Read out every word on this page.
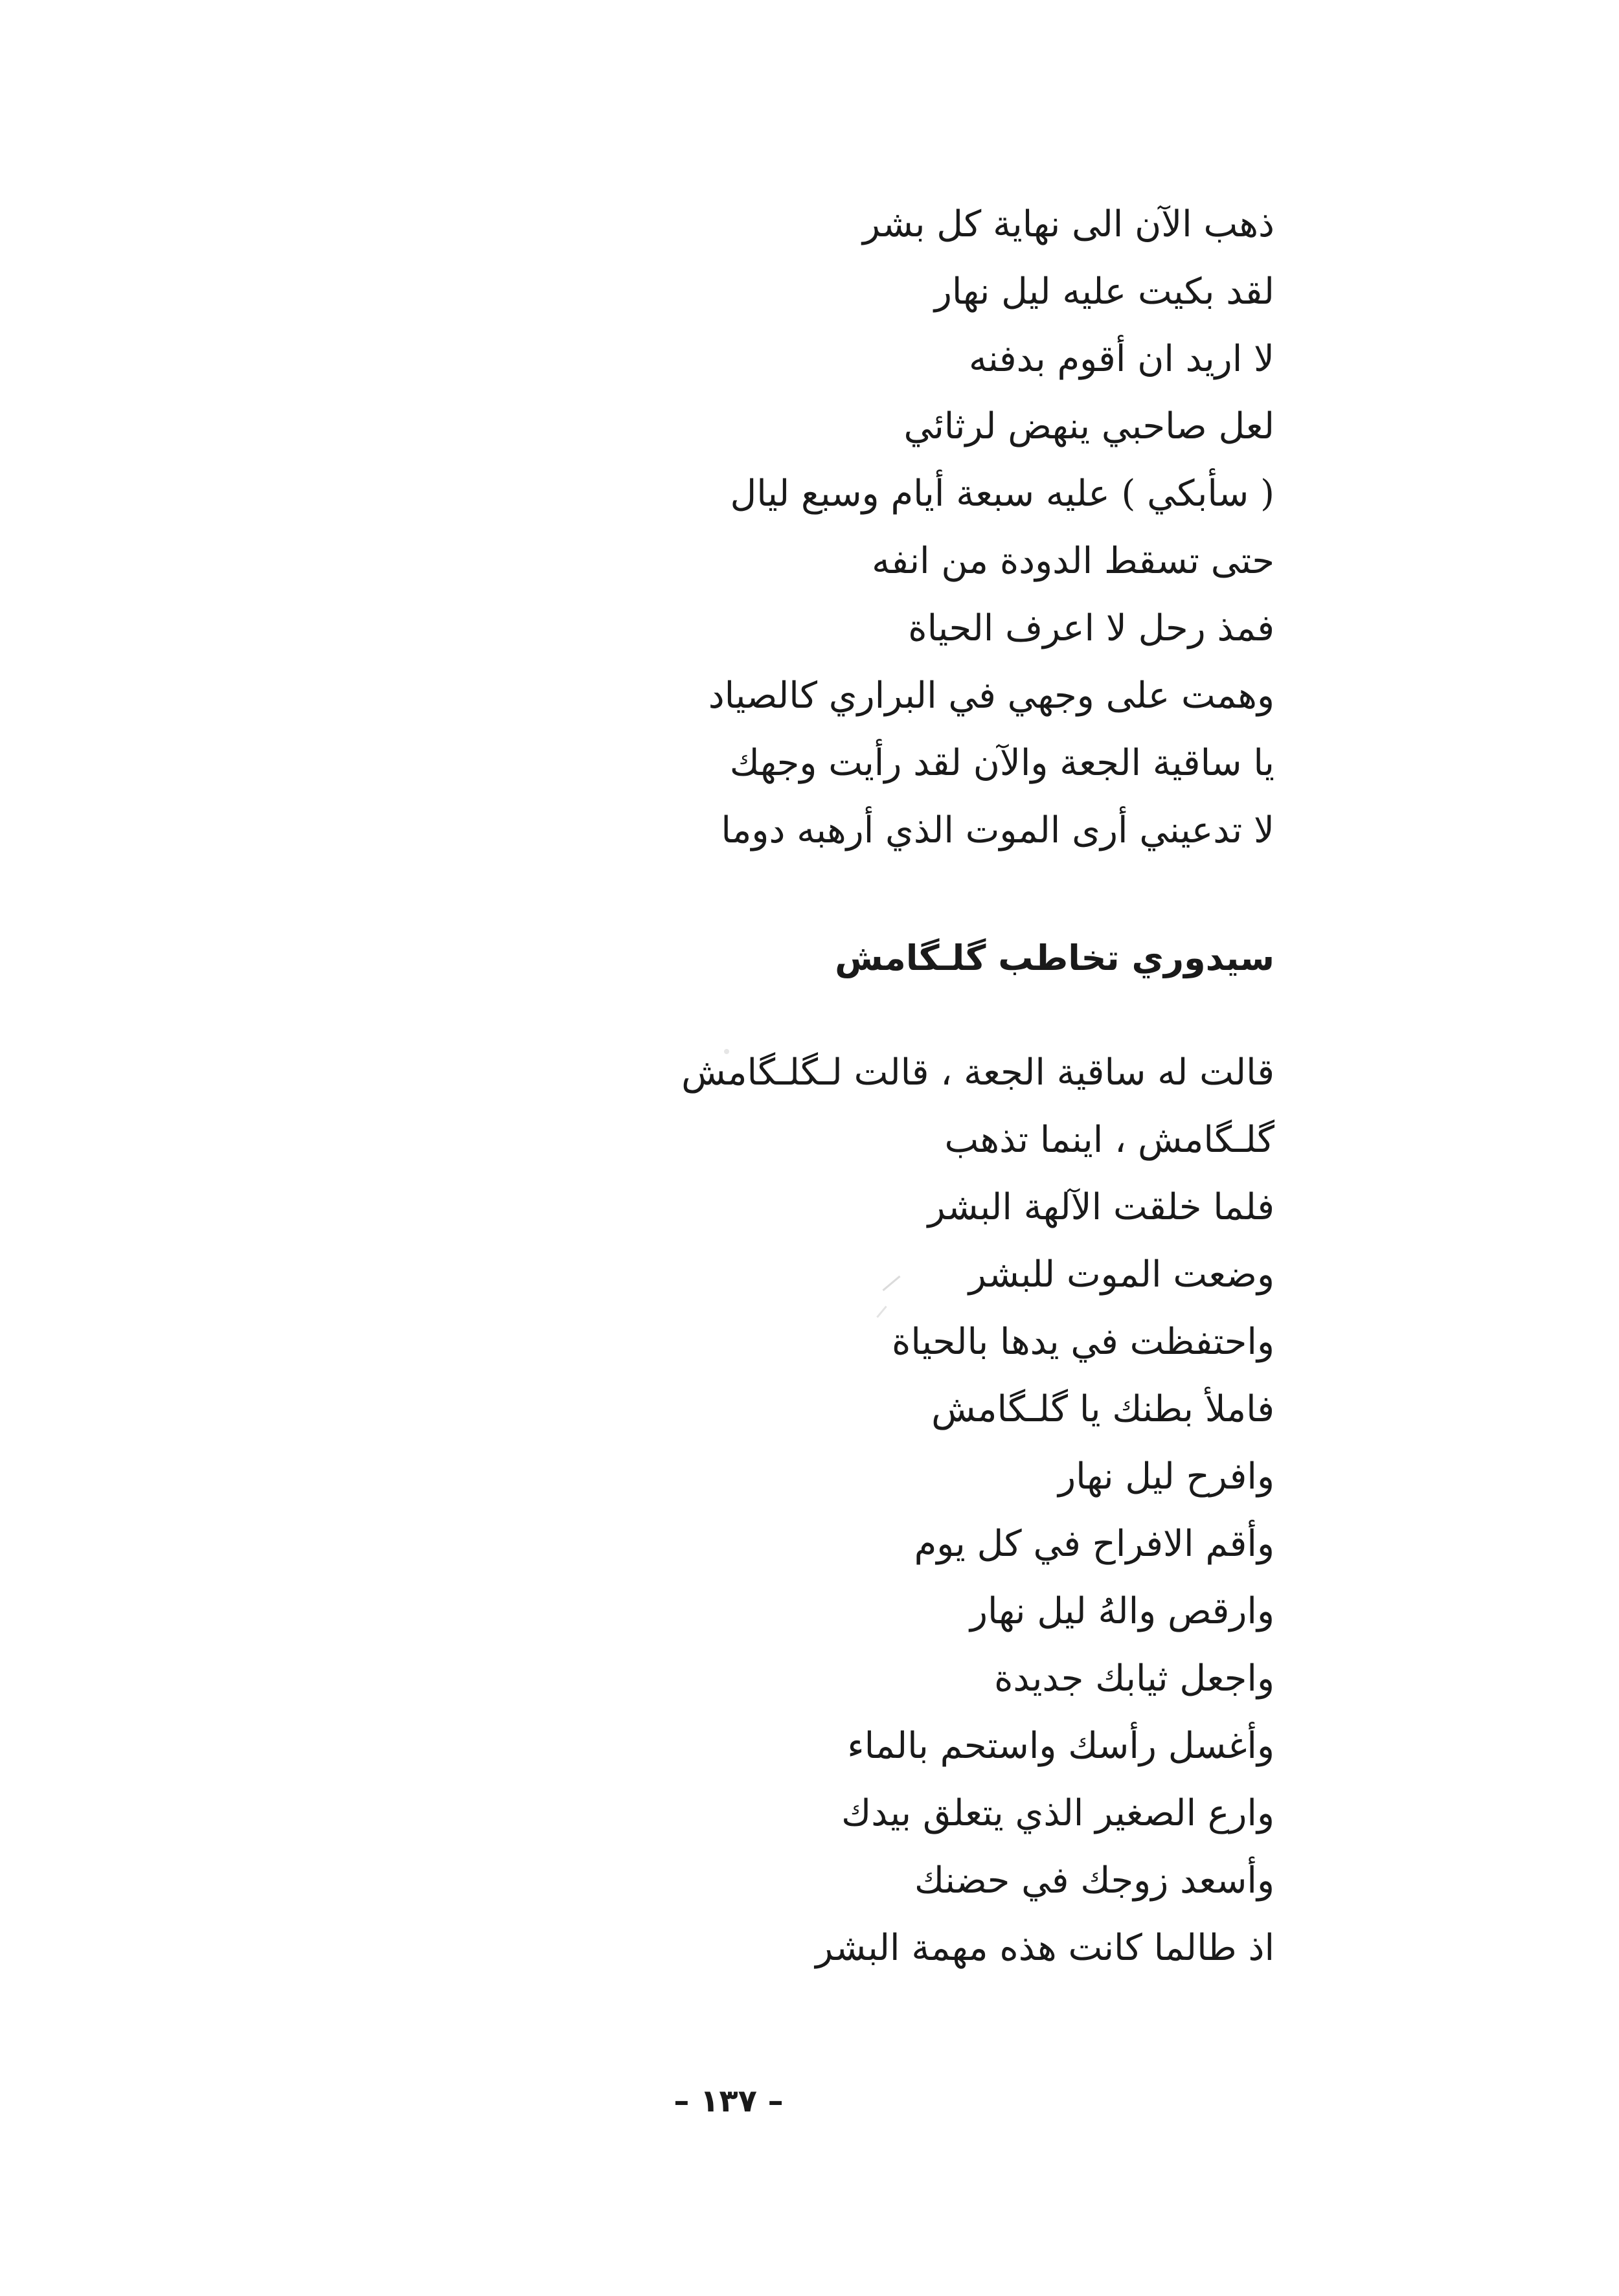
ذهب الآن الى نهاية كل بشر
لقد بكيت عليه ليل نهار
لا اريد ان أقوم بدفنه
لعل صاحبي ينهض لرثائي
( سأبكي ) عليه سبعة أيام وسبع ليال
حتى تسقط الدودة من انفه
فمذ رحل لا اعرف الحياة
وهمت على وجهي في البراري كالصياد
يا ساقية الجعة والآن لقد رأيت وجهك
لا تدعيني أرى الموت الذي أرهبه دوما
سيدوري تخاطب گلـگامش
قالت له ساقية الجعة ، قالت لـگلـگامش
گلـگامش ، اينما تذهب
فلما خلقت الآلهة البشر
وضعت الموت للبشر
واحتفظت في يدها بالحياة
فاملأ بطنك يا گلـگامش
وافرح ليل نهار
وأقم الافراح في كل يوم
وارقص والهُ ليل نهار
واجعل ثيابك جديدة
وأغسل رأسك واستحم بالماء
وارع الصغير الذي يتعلق بيدك
وأسعد زوجك في حضنك
اذ طالما كانت هذه مهمة البشر
– ١٣٧ –
